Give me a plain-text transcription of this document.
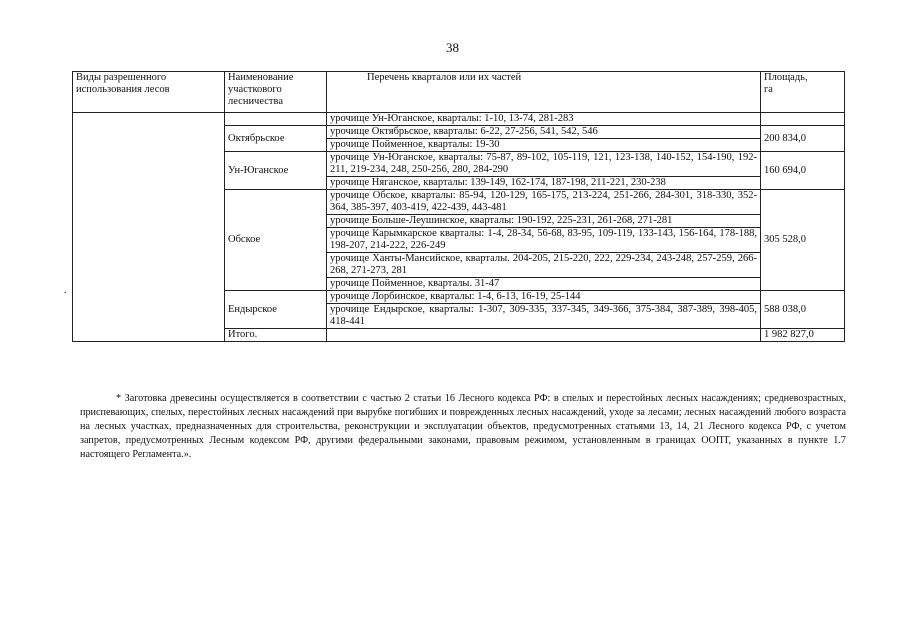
38
Виды разрешенного
использования лесов	Наименование
участкового
лесничества	Перечень кварталов или их частей	Площадь,
га
		урочище Ун-Юганское, кварталы: 1-10, 13-74, 281-283	
	Октябрьское	урочище Октябрьское, кварталы: 6-22, 27-256, 541, 542, 546	200 834,0
		урочище Пойменное, кварталы: 19-30	
	Ун-Юганское	урочище Ун-Юганское, кварталы: 75-87, 89-102, 105-119, 121, 123-138, 140-152, 154-190, 192-211, 219-234, 248, 250-256, 280, 284-290	160 694,0
		урочище Няганское, кварталы: 139-149, 162-174, 187-198, 211-221, 230-238	
	Обское	урочище Обское, кварталы: 85-94, 120-129, 165-175, 213-224, 251-266, 284-301, 318-330, 352-364, 385-397, 403-419, 422-439, 443-481	305 528,0
		урочище Больше-Леушинское, кварталы: 190-192, 225-231, 261-268, 271-281	
		урочище Карымкарское кварталы: 1-4, 28-34, 56-68, 83-95, 109-119, 133-143, 156-164, 178-188, 198-207, 214-222, 226-249	
		урочище Ханты-Мансийское, кварталы. 204-205, 215-220, 222, 229-234, 243-248, 257-259, 266-268, 271-273, 281	
		урочище Пойменное, кварталы. 31-47	
	Ендырское	урочище Лорбинское, кварталы: 1-4, 6-13, 16-19, 25-144	588 038,0
		урочище Ендырское, кварталы: 1-307, 309-335, 337-345, 349-366, 375-384, 387-389, 398-405, 418-441	
	Итого.		1 982 827,0
.
* Заготовка древесины осуществляется в соответствии с частью 2 статьи 16 Лесного кодекса РФ: в спелых и перестойных лесных насаждениях; средневозрастных, приспевающих, спелых, перестойных лесных насаждений при вырубке погибших и поврежденных лесных насаждений, уходе за лесами; лесных насаждений любого возраста на лесных участках, предназначенных для строительства, реконструкции и эксплуатации объектов, предусмотренных статьями 13, 14, 21 Лесного кодекса РФ, с учетом запретов, предусмотренных Лесным кодексом РФ, другими федеральными законами, правовым режимом, установленным в границах ООПТ, указанных в пункте 1.7 настоящего Регламента.».
